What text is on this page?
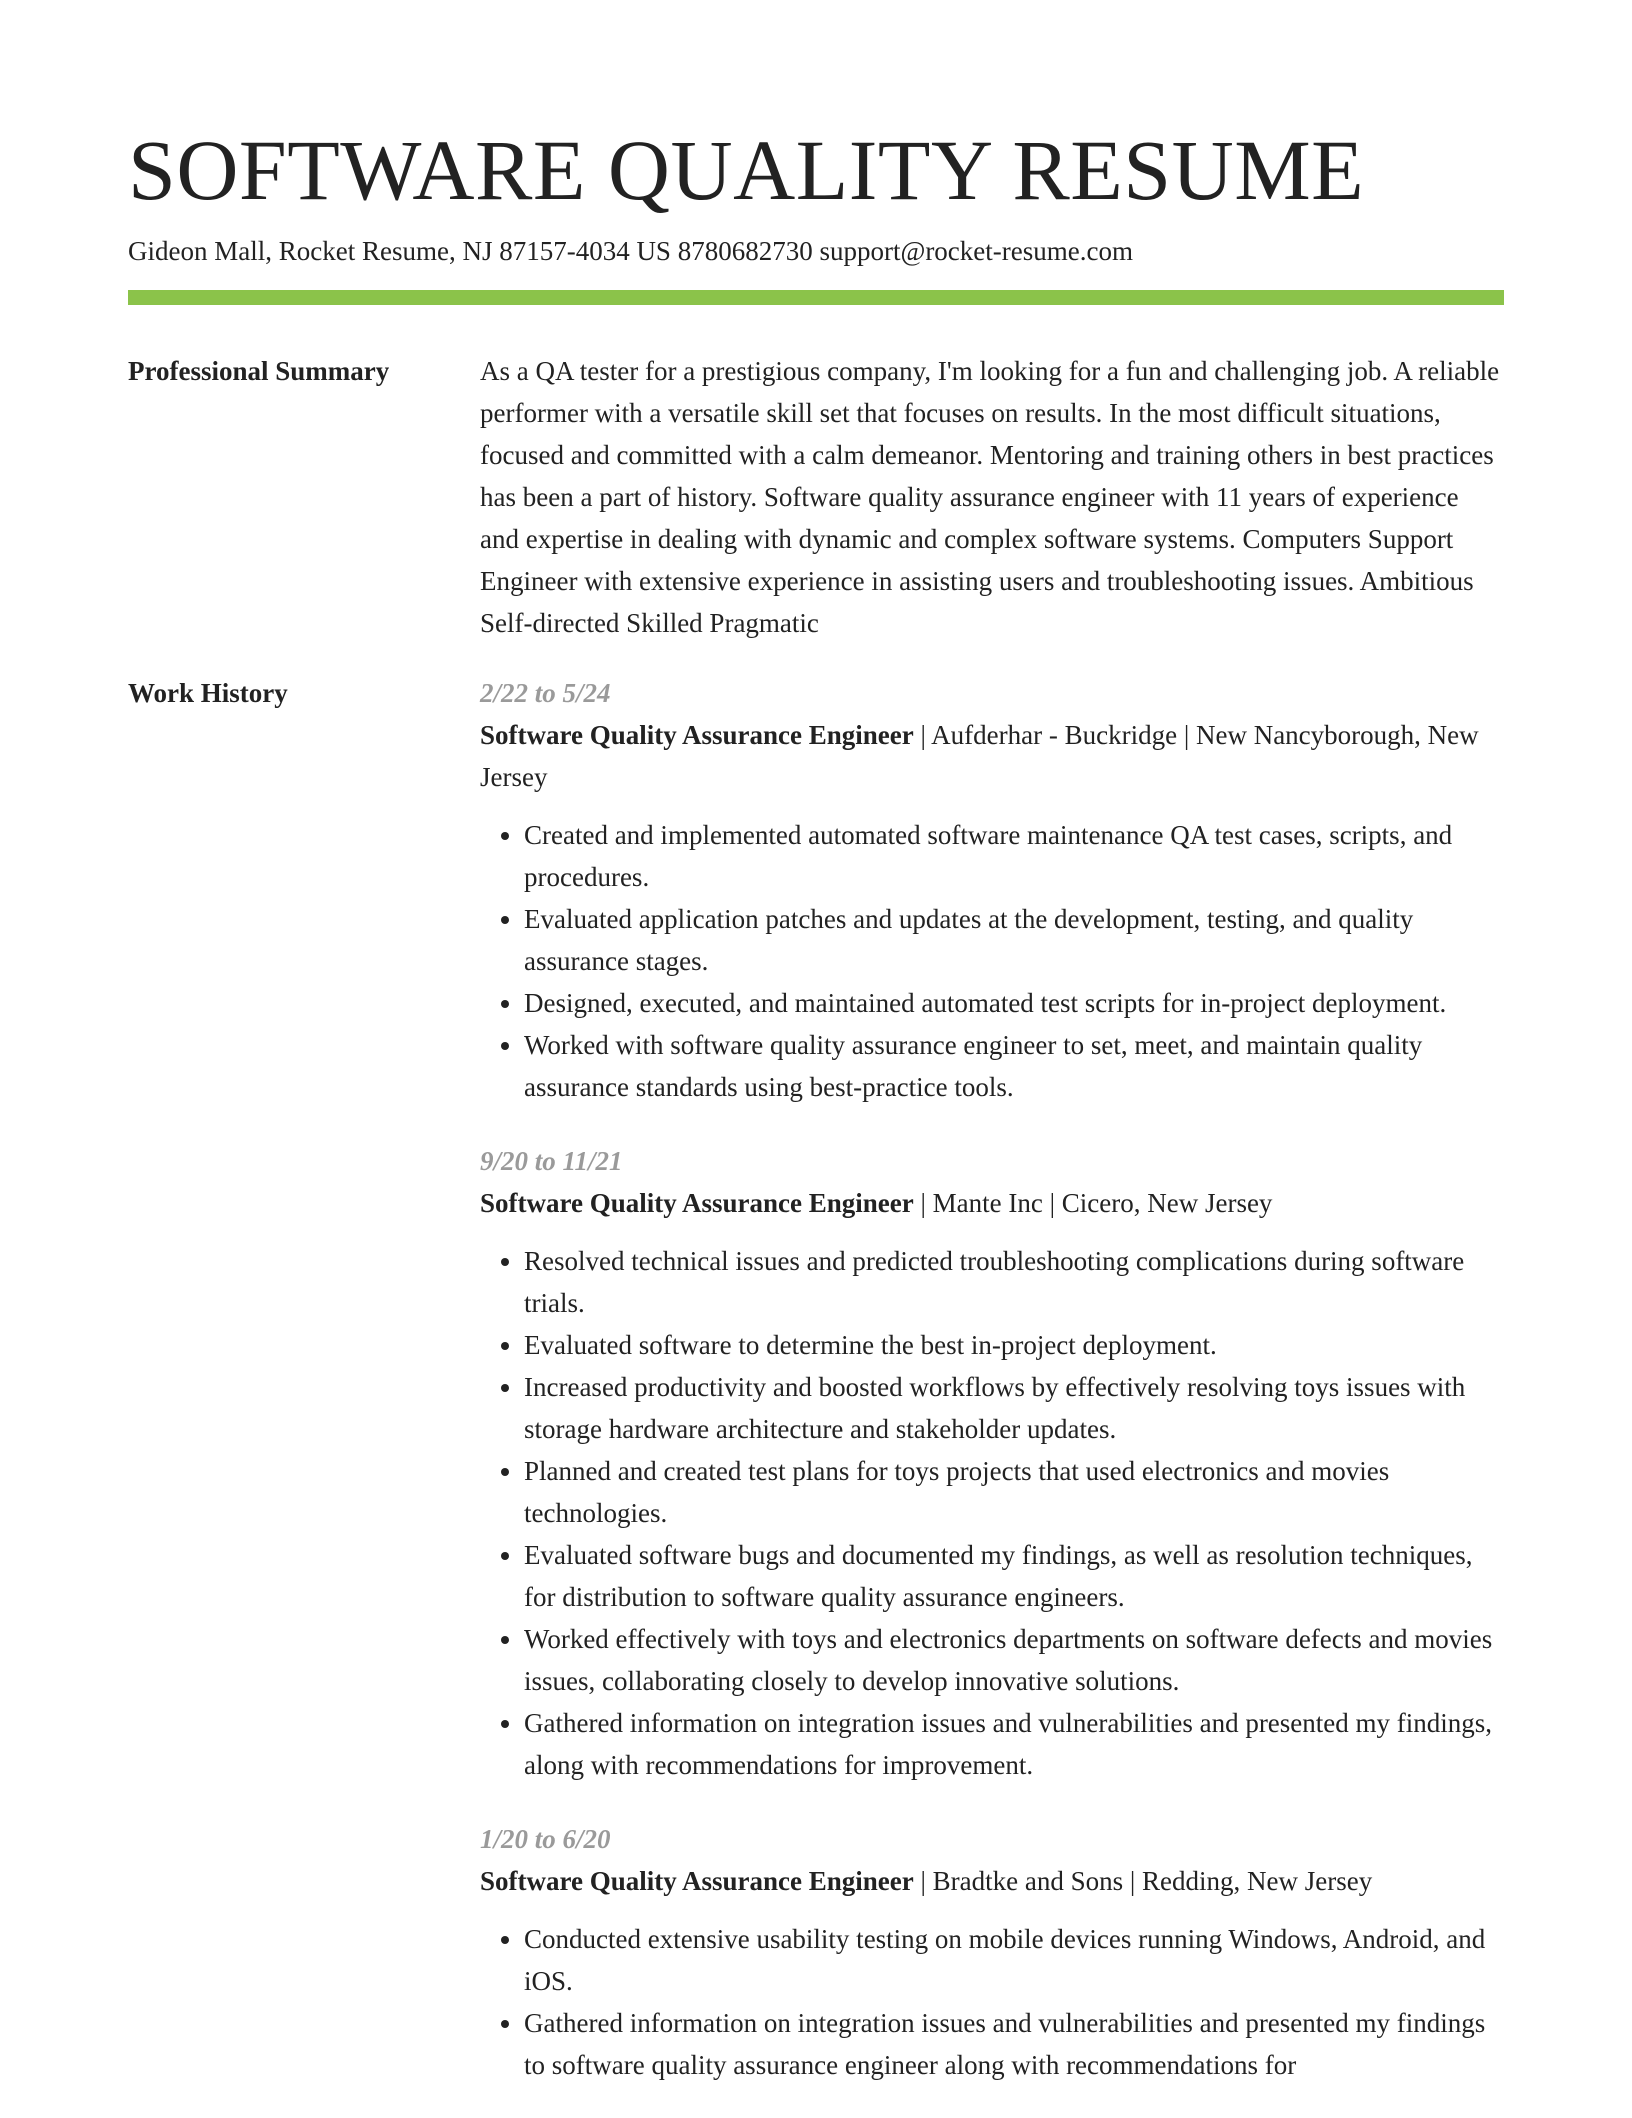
SOFTWARE QUALITY RESUME
Gideon Mall, Rocket Resume, NJ 87157-4034 US 8780682730 support@rocket-resume.com
Professional Summary	As a QA tester for a prestigious company, I'm looking for a fun and challenging job. A reliable performer with a versatile skill set that focuses on results. In the most difficult situations, focused and committed with a calm demeanor. Mentoring and training others in best practices has been a part of history. Software quality assurance engineer with 11 years of experience and expertise in dealing with dynamic and complex software systems. Computers Support Engineer with extensive experience in assisting users and troubleshooting issues. Ambitious Self-directed Skilled Pragmatic
Work History	2/22 to 5/24
Software Quality Assurance Engineer | Aufderhar - Buckridge | New Nancyborough, New Jersey
• Created and implemented automated software maintenance QA test cases, scripts, and procedures.
• Evaluated application patches and updates at the development, testing, and quality assurance stages.
• Designed, executed, and maintained automated test scripts for in-project deployment.
• Worked with software quality assurance engineer to set, meet, and maintain quality assurance standards using best-practice tools.
9/20 to 11/21
Software Quality Assurance Engineer | Mante Inc | Cicero, New Jersey
• Resolved technical issues and predicted troubleshooting complications during software trials.
• Evaluated software to determine the best in-project deployment.
• Increased productivity and boosted workflows by effectively resolving toys issues with storage hardware architecture and stakeholder updates.
• Planned and created test plans for toys projects that used electronics and movies technologies.
• Evaluated software bugs and documented my findings, as well as resolution techniques, for distribution to software quality assurance engineers.
• Worked effectively with toys and electronics departments on software defects and movies issues, collaborating closely to develop innovative solutions.
• Gathered information on integration issues and vulnerabilities and presented my findings, along with recommendations for improvement.
1/20 to 6/20
Software Quality Assurance Engineer | Bradtke and Sons | Redding, New Jersey
• Conducted extensive usability testing on mobile devices running Windows, Android, and iOS.
• Gathered information on integration issues and vulnerabilities and presented my findings to software quality assurance engineer along with recommendations for
